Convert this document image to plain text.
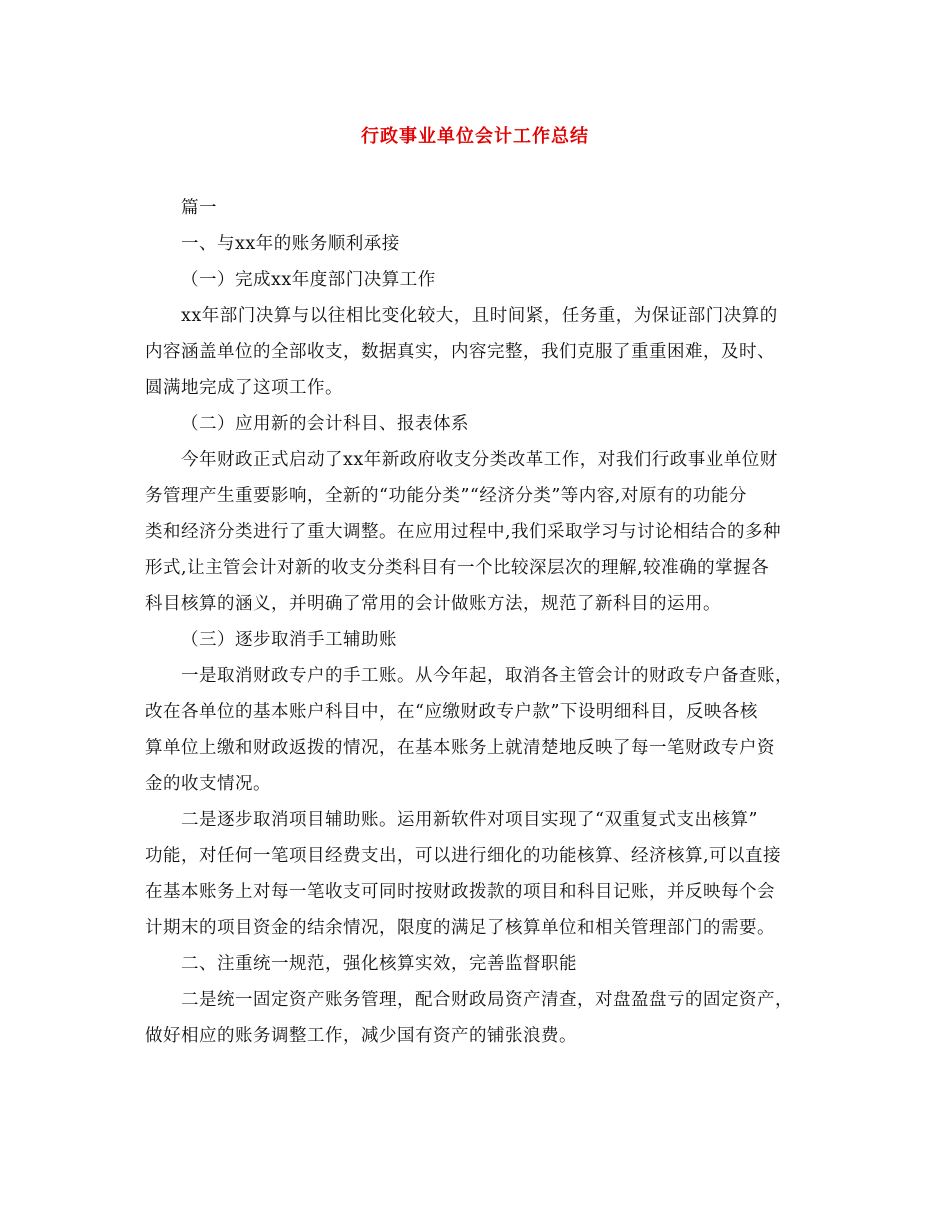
行政事业单位会计工作总结
篇一
一、与xx年的账务顺利承接
（一）完成xx年度部门决算工作
xx年部门决算与以往相比变化较大，且时间紧，任务重，为保证部门决算的
内容涵盖单位的全部收支，数据真实，内容完整，我们克服了重重困难，及时、
圆满地完成了这项工作。
（二）应用新的会计科目、报表体系
今年财政正式启动了xx年新政府收支分类改革工作，对我们行政事业单位财
务管理产生重要影响，全新的“功能分类”“经济分类”等内容,对原有的功能分
类和经济分类进行了重大调整。在应用过程中,我们采取学习与讨论相结合的多种
形式,让主管会计对新的收支分类科目有一个比较深层次的理解,较准确的掌握各
科目核算的涵义，并明确了常用的会计做账方法，规范了新科目的运用。
（三）逐步取消手工辅助账
一是取消财政专户的手工账。从今年起，取消各主管会计的财政专户备查账，
改在各单位的基本账户科目中，在“应缴财政专户款”下设明细科目，反映各核
算单位上缴和财政返拨的情况，在基本账务上就清楚地反映了每一笔财政专户资
金的收支情况。
二是逐步取消项目辅助账。运用新软件对项目实现了“双重复式支出核算”
功能，对任何一笔项目经费支出，可以进行细化的功能核算、经济核算,可以直接
在基本账务上对每一笔收支可同时按财政拨款的项目和科目记账，并反映每个会
计期末的项目资金的结余情况，限度的满足了核算单位和相关管理部门的需要。
二、注重统一规范，强化核算实效，完善监督职能
二是统一固定资产账务管理，配合财政局资产清查，对盘盈盘亏的固定资产，
做好相应的账务调整工作，减少国有资产的铺张浪费。
